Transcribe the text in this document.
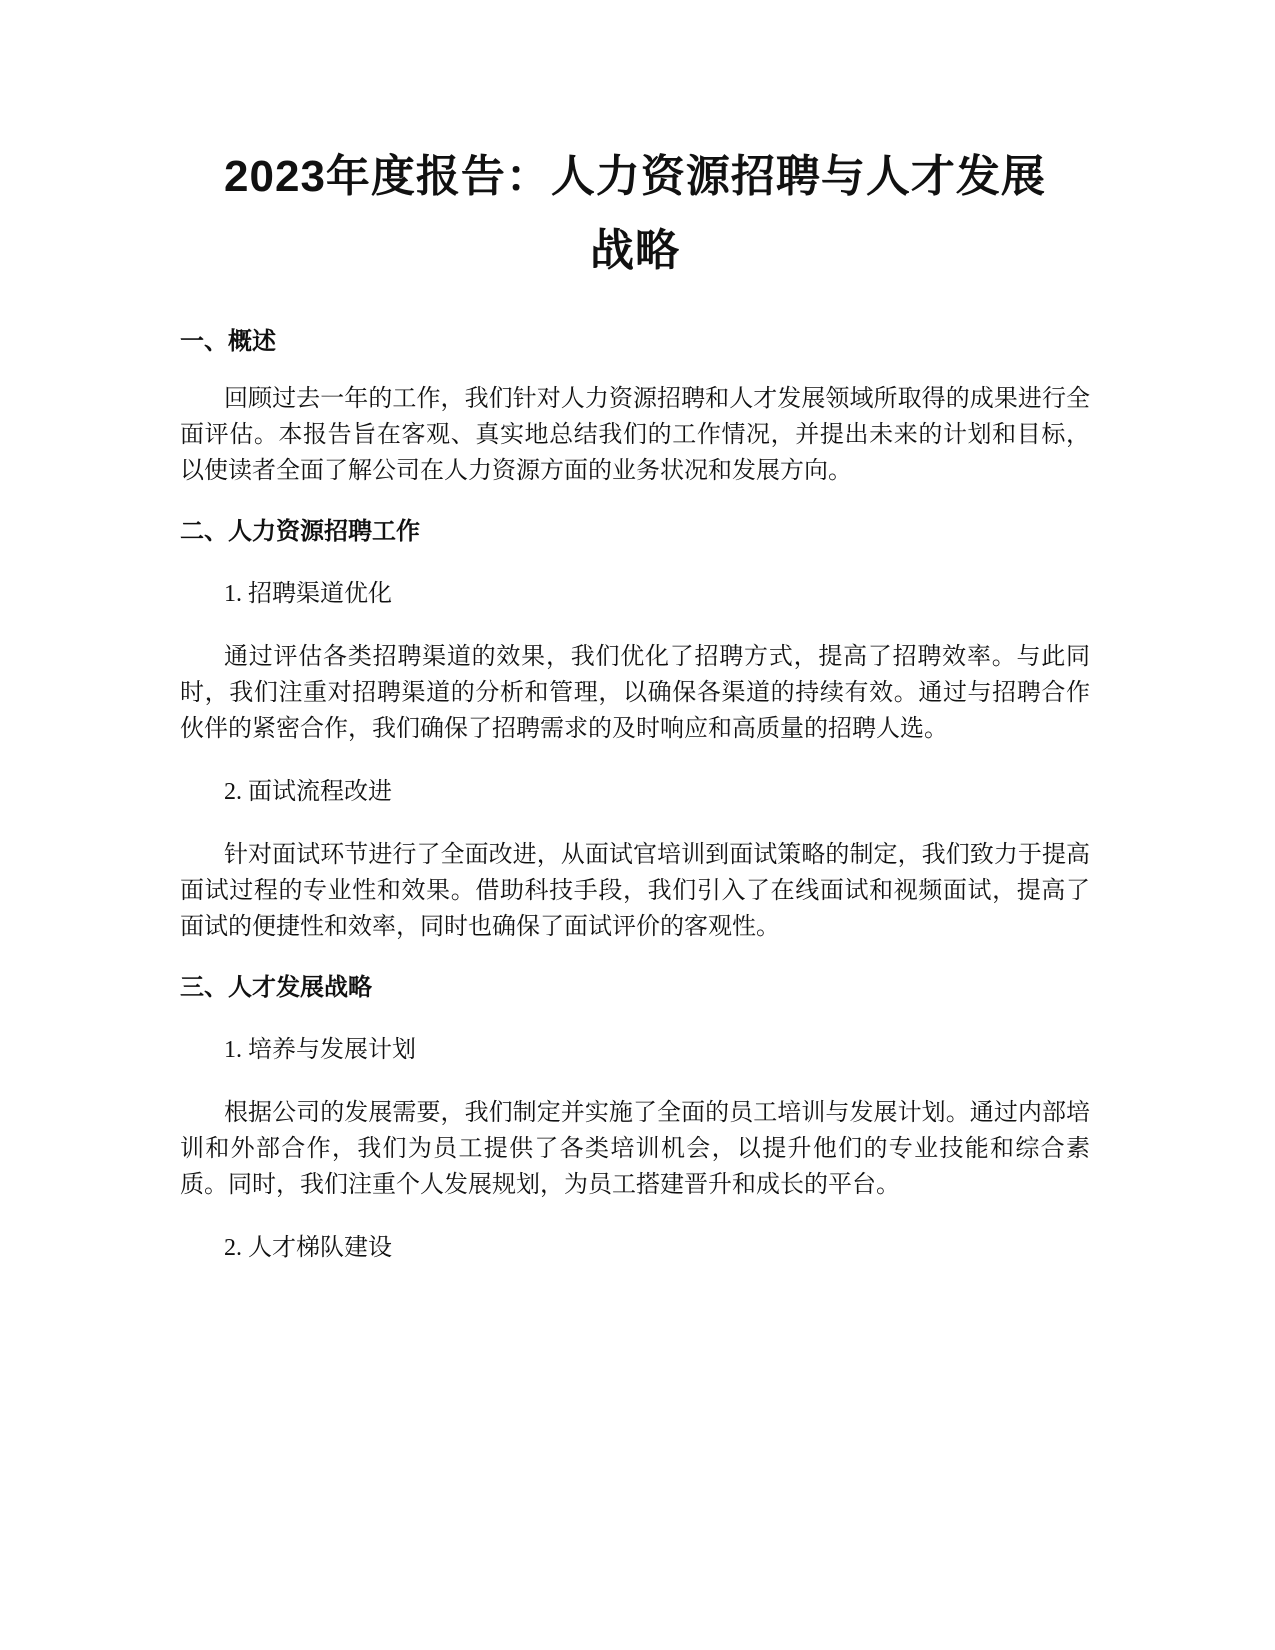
2023年度报告：人力资源招聘与人才发展战略
一、概述

回顾过去一年的工作，我们针对人力资源招聘和人才发展领域所取得的成果进行全面评估。本报告旨在客观、真实地总结我们的工作情况，并提出未来的计划和目标，以使读者全面了解公司在人力资源方面的业务状况和发展方向。

二、人力资源招聘工作
1. 招聘渠道优化

通过评估各类招聘渠道的效果，我们优化了招聘方式，提高了招聘效率。与此同时，我们注重对招聘渠道的分析和管理，以确保各渠道的持续有效。通过与招聘合作伙伴的紧密合作，我们确保了招聘需求的及时响应和高质量的招聘人选。

2. 面试流程改进

针对面试环节进行了全面改进，从面试官培训到面试策略的制定，我们致力于提高面试过程的专业性和效果。借助科技手段，我们引入了在线面试和视频面试，提高了面试的便捷性和效率，同时也确保了面试评价的客观性。

三、人才发展战略
1. 培养与发展计划

根据公司的发展需要，我们制定并实施了全面的员工培训与发展计划。通过内部培训和外部合作，我们为员工提供了各类培训机会，以提升他们的专业技能和综合素质。同时，我们注重个人发展规划，为员工搭建晋升和成长的平台。

2. 人才梯队建设
